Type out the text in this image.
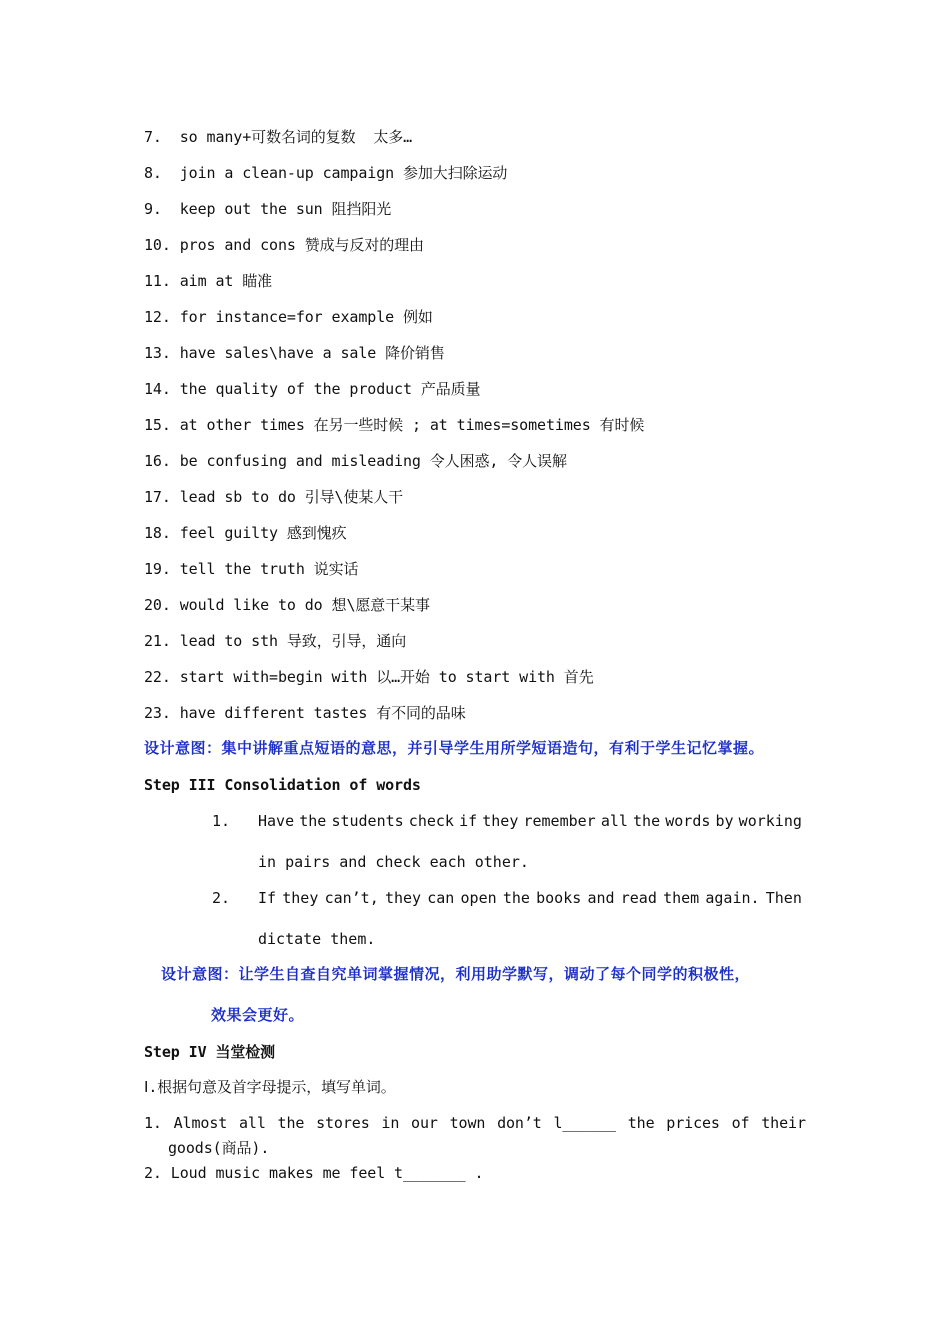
7.  so many+可数名词的复数  太多…
8.  join a clean-up campaign 参加大扫除运动
9.  keep out the sun 阻挡阳光
10. pros and cons 赞成与反对的理由
11. aim at 瞄准
12. for instance=for example 例如
13. have sales\have a sale 降价销售
14. the quality of the product 产品质量
15. at other times 在另一些时候 ; at times=sometimes 有时候
16. be confusing and misleading 令人困惑, 令人误解
17. lead sb to do 引导\使某人干
18. feel guilty 感到愧疚
19. tell the truth 说实话
20. would like to do 想\愿意干某事
21. lead to sth 导致，引导，通向
22. start with=begin with 以…开始 to start with 首先
23. have different tastes 有不同的品味
设计意图：集中讲解重点短语的意思，并引导学生用所学短语造句，有利于学生记忆掌握。
Step III Consolidation of words
1. Have the students check if they remember all the words by working
in pairs and check each other.
2. If they can’t, they can open the books and read them again. Then
dictate them.
设计意图：让学生自查自究单词掌握情况，利用助学默写，调动了每个同学的积极性，
效果会更好。
Step IV 当堂检测
Ⅰ.根据句意及首字母提示，填写单词。
1. Almost all the stores in our town don’t l______ the prices of their
goods(商品).
2. Loud music makes me feel t_______ .
